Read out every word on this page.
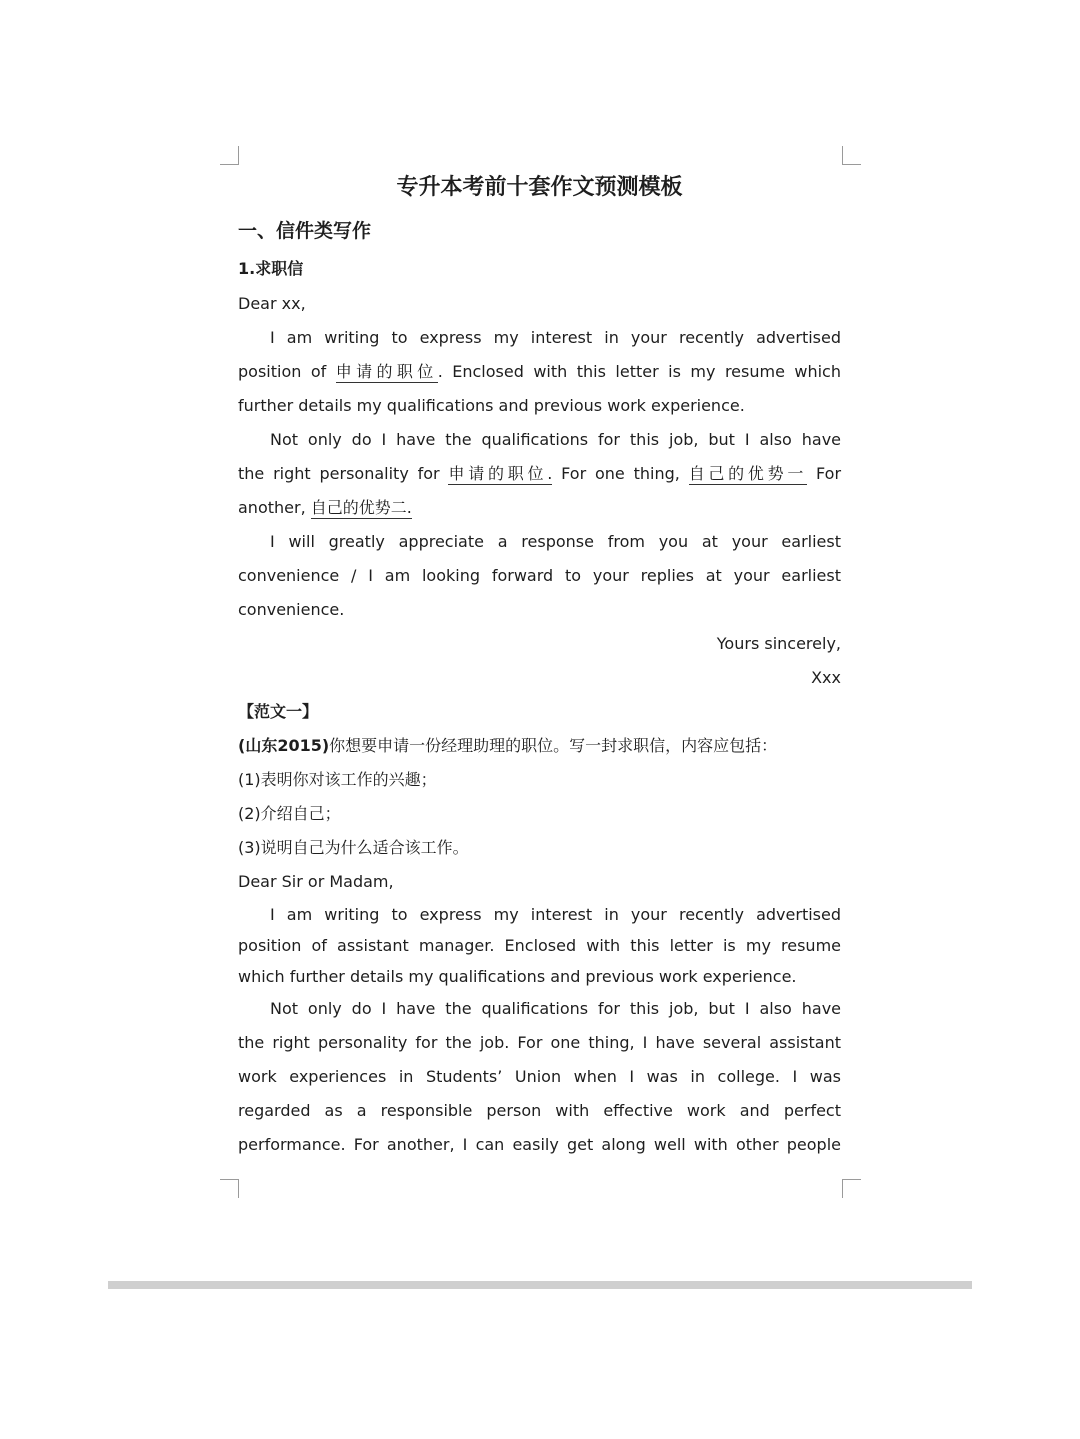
专升本考前十套作文预测模板
一、信件类写作
1.求职信
Dear xx,
I am writing to express my interest in your recently advertised
position of 申请的职位. Enclosed with this letter is my resume which
further details my qualifications and previous work experience.
Not only do I have the qualifications for this job, but I also have
the right personality for 申请的职位. For one thing, 自己的优势一 For
another, 自己的优势二.
I will greatly appreciate a response from you at your earliest
convenience / I am looking forward to your replies at your earliest
convenience.
Yours sincerely,
Xxx
【范文一】
(山东2015)你想要申请一份经理助理的职位。写一封求职信，内容应包括：
(1)表明你对该工作的兴趣；
(2)介绍自己；
(3)说明自己为什么适合该工作。
Dear Sir or Madam,
I am writing to express my interest in your recently advertised
position of assistant manager. Enclosed with this letter is my resume
which further details my qualifications and previous work experience.
Not only do I have the qualifications for this job, but I also have
the right personality for the job. For one thing, I have several assistant
work experiences in Students’ Union when I was in college. I was
regarded as a responsible person with effective work and perfect
performance. For another, I can easily get along well with other people
